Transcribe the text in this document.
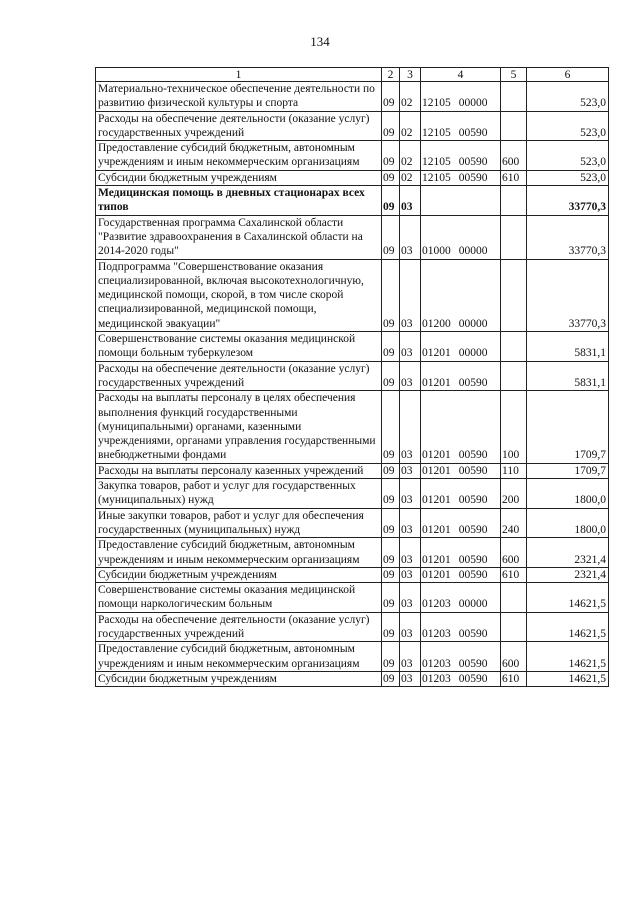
134
1	2	3	4	5	6
Материально-техническое обеспечение деятельности по развитию физической культуры и спорта	09	02	12105 00000		523,0
Расходы на обеспечение деятельности (оказание услуг) государственных учреждений	09	02	12105 00590		523,0
Предоставление субсидий бюджетным, автономным учреждениям и иным некоммерческим организациям	09	02	12105 00590	600	523,0
Субсидии бюджетным учреждениям	09	02	12105 00590	610	523,0
Медицинская помощь в дневных стационарах всех типов	09	03			33770,3
Государственная программа Сахалинской области "Развитие здравоохранения в Сахалинской области на 2014-2020 годы"	09	03	01000 00000		33770,3
Подпрограмма "Совершенствование оказания специализированной, включая высокотехнологичную, медицинской помощи, скорой, в том числе скорой специализированной, медицинской помощи, медицинской эвакуации"	09	03	01200 00000		33770,3
Совершенствование системы оказания медицинской помощи больным туберкулезом	09	03	01201 00000		5831,1
Расходы на обеспечение деятельности (оказание услуг) государственных учреждений	09	03	01201 00590		5831,1
Расходы на выплаты персоналу в целях обеспечения выполнения функций государственными (муниципальными) органами, казенными учреждениями, органами управления государственными внебюджетными фондами	09	03	01201 00590	100	1709,7
Расходы на выплаты персоналу казенных учреждений	09	03	01201 00590	110	1709,7
Закупка товаров, работ и услуг для государственных (муниципальных) нужд	09	03	01201 00590	200	1800,0
Иные закупки товаров, работ и услуг для обеспечения государственных (муниципальных) нужд	09	03	01201 00590	240	1800,0
Предоставление субсидий бюджетным, автономным учреждениям и иным некоммерческим организациям	09	03	01201 00590	600	2321,4
Субсидии бюджетным учреждениям	09	03	01201 00590	610	2321,4
Совершенствование системы оказания медицинской помощи наркологическим больным	09	03	01203 00000		14621,5
Расходы на обеспечение деятельности (оказание услуг) государственных учреждений	09	03	01203 00590		14621,5
Предоставление субсидий бюджетным, автономным учреждениям и иным некоммерческим организациям	09	03	01203 00590	600	14621,5
Субсидии бюджетным учреждениям	09	03	01203 00590	610	14621,5
